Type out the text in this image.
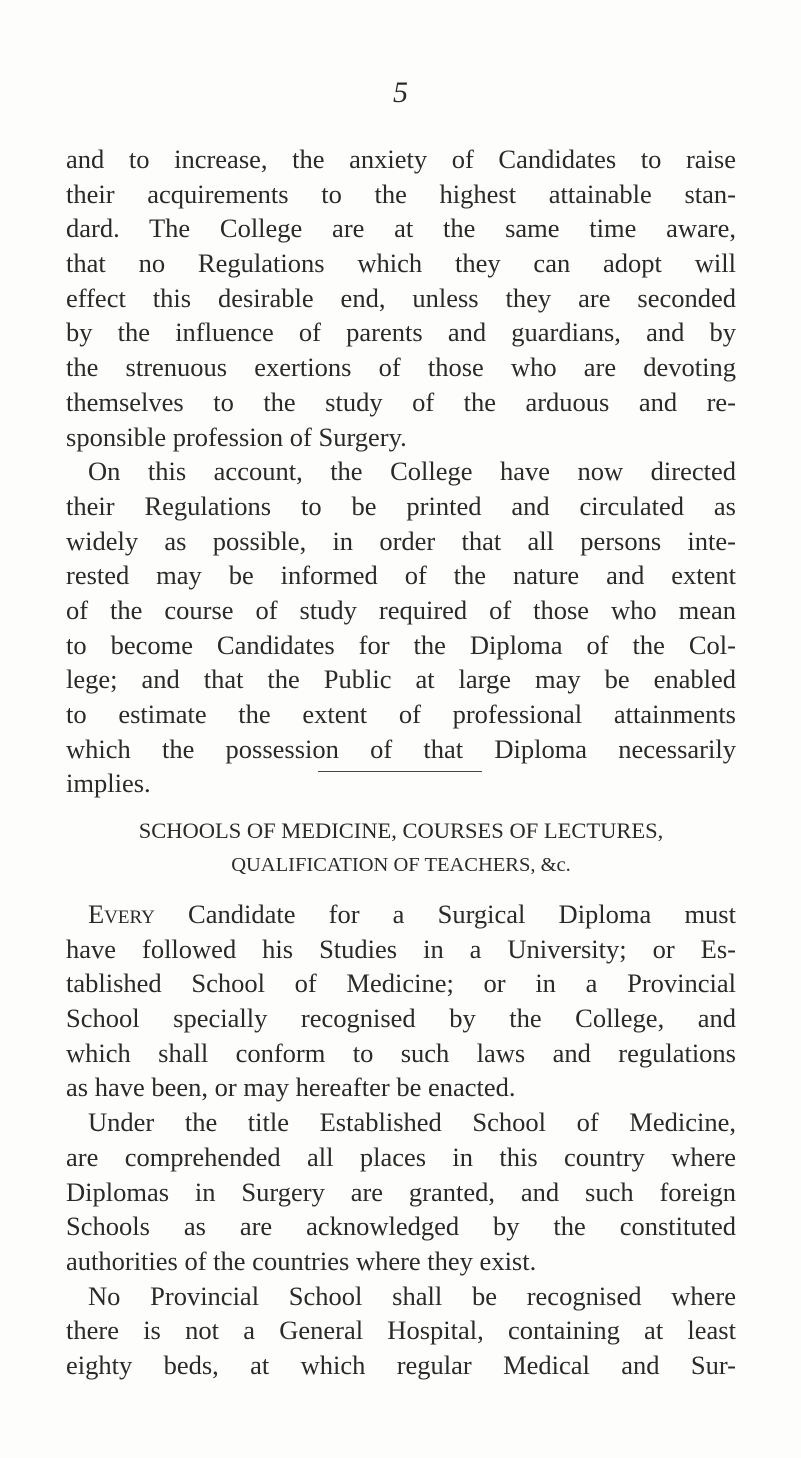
5
and to increase, the anxiety of Candidates to raise
their acquirements to the highest attainable stan-
dard. The College are at the same time aware,
that no Regulations which they can adopt will
effect this desirable end, unless they are seconded
by the influence of parents and guardians, and by
the strenuous exertions of those who are devoting
themselves to the study of the arduous and re-
sponsible profession of Surgery.
On this account, the College have now directed
their Regulations to be printed and circulated as
widely as possible, in order that all persons inte-
rested may be informed of the nature and extent
of the course of study required of those who mean
to become Candidates for the Diploma of the Col-
lege; and that the Public at large may be enabled
to estimate the extent of professional attainments
which the possession of that Diploma necessarily
implies.
SCHOOLS OF MEDICINE, COURSES OF LECTURES,
QUALIFICATION OF TEACHERS, &c.
Every Candidate for a Surgical Diploma must
have followed his Studies in a University; or Es-
tablished School of Medicine; or in a Provincial
School specially recognised by the College, and
which shall conform to such laws and regulations
as have been, or may hereafter be enacted.
Under the title Established School of Medicine,
are comprehended all places in this country where
Diplomas in Surgery are granted, and such foreign
Schools as are acknowledged by the constituted
authorities of the countries where they exist.
No Provincial School shall be recognised where
there is not a General Hospital, containing at least
eighty beds, at which regular Medical and Sur-
